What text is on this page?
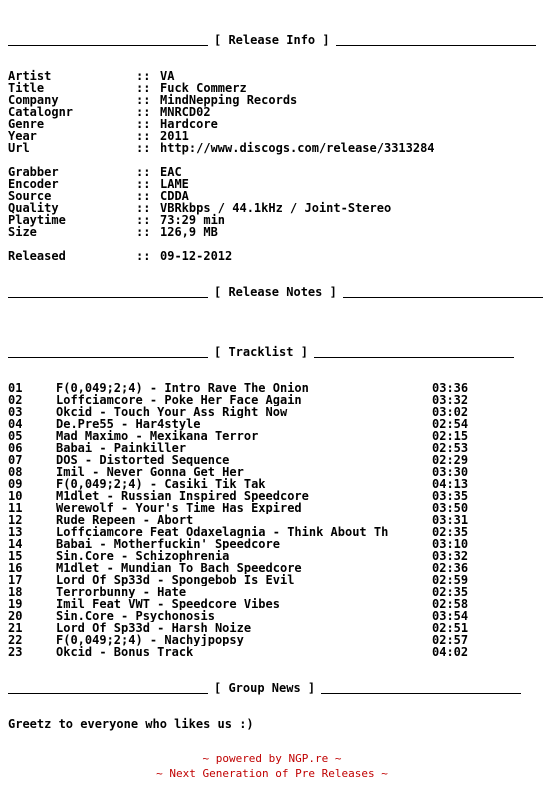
[ Release Info ]
Artist	:: VA
Title	:: Fuck Commerz
Company	:: MindNepping Records
Catalognr	:: MNRCD02
Genre	:: Hardcore
Year	:: 2011
Url	:: http://www.discogs.com/release/3313284
Grabber	:: EAC
Encoder	:: LAME
Source	:: CDDA
Quality	:: VBRkbps / 44.1kHz / Joint-Stereo
Playtime	:: 73:29 min
Size	:: 126,9 MB
Released	:: 09-12-2012
[ Release Notes ]
[ Tracklist ]
01	F(0,049;2;4) - Intro Rave The Onion	03:36
02	Loffciamcore - Poke Her Face Again	03:32
03	Okcid - Touch Your Ass Right Now	03:02
04	De.Pre55 - Har4style	02:54
05	Mad Maximo - Mexikana Terror	02:15
06	Babai - Painkiller	02:53
07	DOS - Distorted Sequence	02:29
08	Imil - Never Gonna Get Her	03:30
09	F(0,049;2;4) - Casiki Tik Tak	04:13
10	M1dlet - Russian Inspired Speedcore	03:35
11	Werewolf - Your's Time Has Expired	03:50
12	Rude Repeen - Abort	03:31
13	Loffciamcore Feat Odaxelagnia - Think About Th	02:35
14	Babai - Motherfuckin' Speedcore	03:10
15	Sin.Core - Schizophrenia	03:32
16	M1dlet - Mundian To Bach Speedcore	02:36
17	Lord Of Sp33d - Spongebob Is Evil	02:59
18	Terrorbunny - Hate	02:35
19	Imil Feat VWT - Speedcore Vibes	02:58
20	Sin.Core - Psychonosis	03:54
21	Lord Of Sp33d - Harsh Noize	02:51
22	F(0,049;2;4) - Nachyjpopsy	02:57
23	Okcid - Bonus Track	04:02
[ Group News ]
Greetz to everyone who likes us :)
~ powered by NGP.re ~
~ Next Generation of Pre Releases ~
